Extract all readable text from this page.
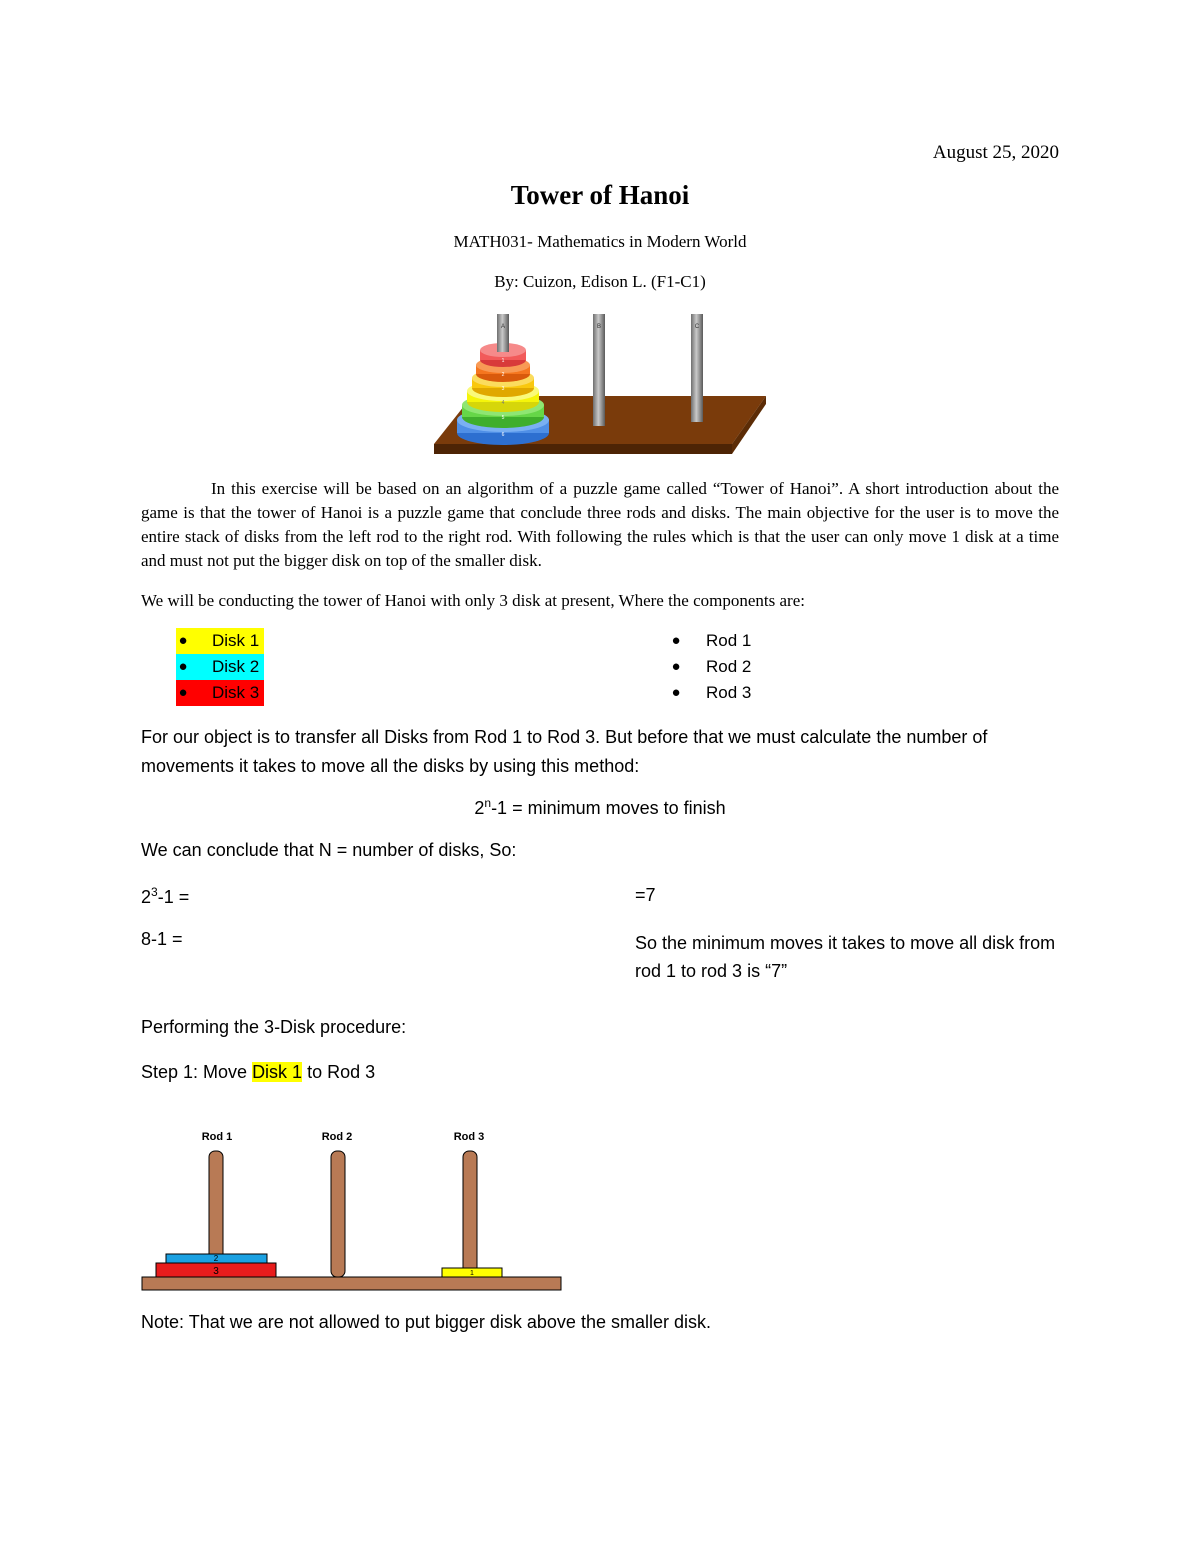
August 25, 2020
Tower of Hanoi
MATH031- Mathematics in Modern World
By: Cuizon, Edison L. (F1-C1)
B	C
6
5
4
3
2
1
A
In this exercise will be based on an algorithm of a puzzle game called “Tower of Hanoi”. A short introduction about the game is that the tower of Hanoi is a puzzle game that conclude three rods and disks. The main objective for the user is to move the entire stack of disks from the left rod to the right rod. With following the rules which is that the user can only move 1 disk at a time and must not put the bigger disk on top of the smaller disk.
We will be conducting the tower of Hanoi with only 3 disk at present, Where the components are:
● Disk 1
● Disk 2
● Disk 3
● Rod 1
● Rod 2
● Rod 3
For our object is to transfer all Disks from Rod 1 to Rod 3. But before that we must calculate the number of movements it takes to move all the disks by using this method:
$2^n-1$ = minimum moves to finish
We can conclude that N = number of disks, So:
$2^3-1$ =	=7
8-1 =	So the minimum moves it takes to move all disk from rod 1 to rod 3 is “7”
Performing the 3-Disk procedure:
Step 1: Move Disk 1 to Rod 3
Rod 1	Rod 2	Rod 3
2
3	1
Note: That we are not allowed to put bigger disk above the smaller disk.
